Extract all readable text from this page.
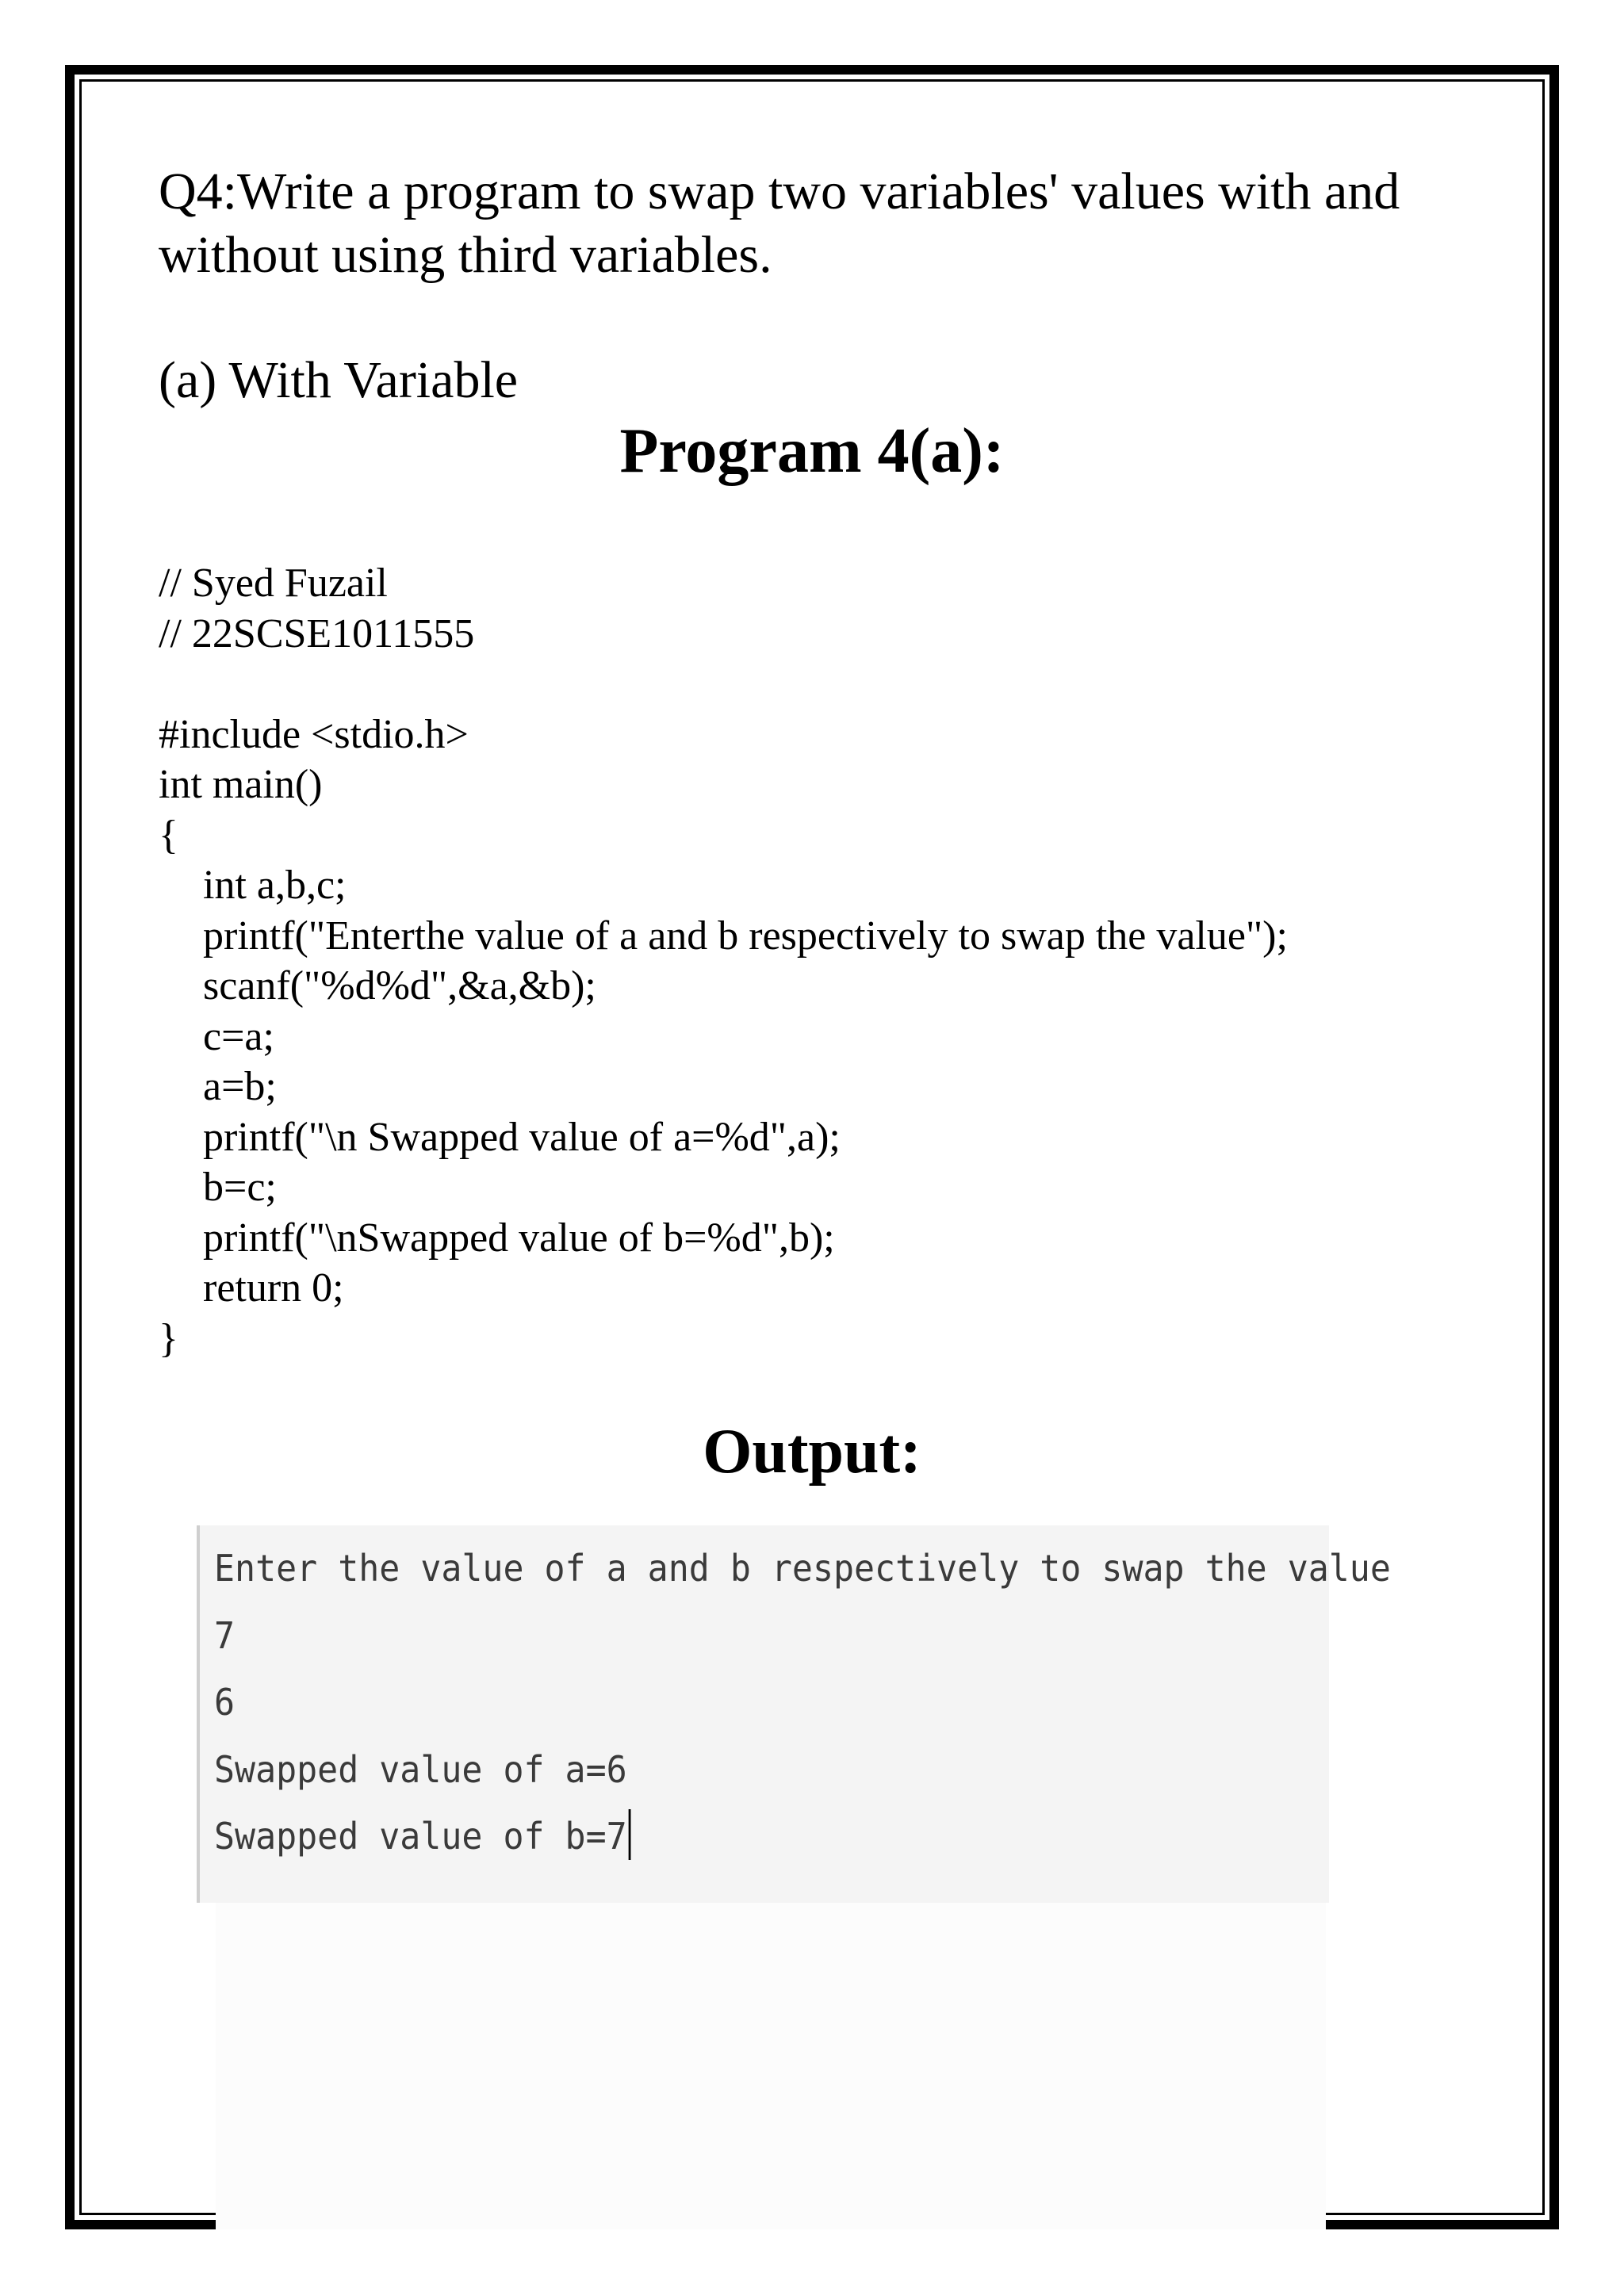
Q4:Write a program to swap two variables' values with and without using third variables.
(a) With Variable
Program 4(a):
// Syed Fuzail
// 22SCSE1011555
#include <stdio.h>
int main()
{
int a,b,c;
printf("Enterthe value of a and b respectively to swap the value");
scanf("%d%d",&a,&b);
c=a;
a=b;
printf("\n Swapped value of a=%d",a);
b=c;
printf("\nSwapped value of b=%d",b);
return 0;
}
Output:
Enter the value of a and b respectively to swap the value
7
6
Swapped value of a=6
Swapped value of b=7
